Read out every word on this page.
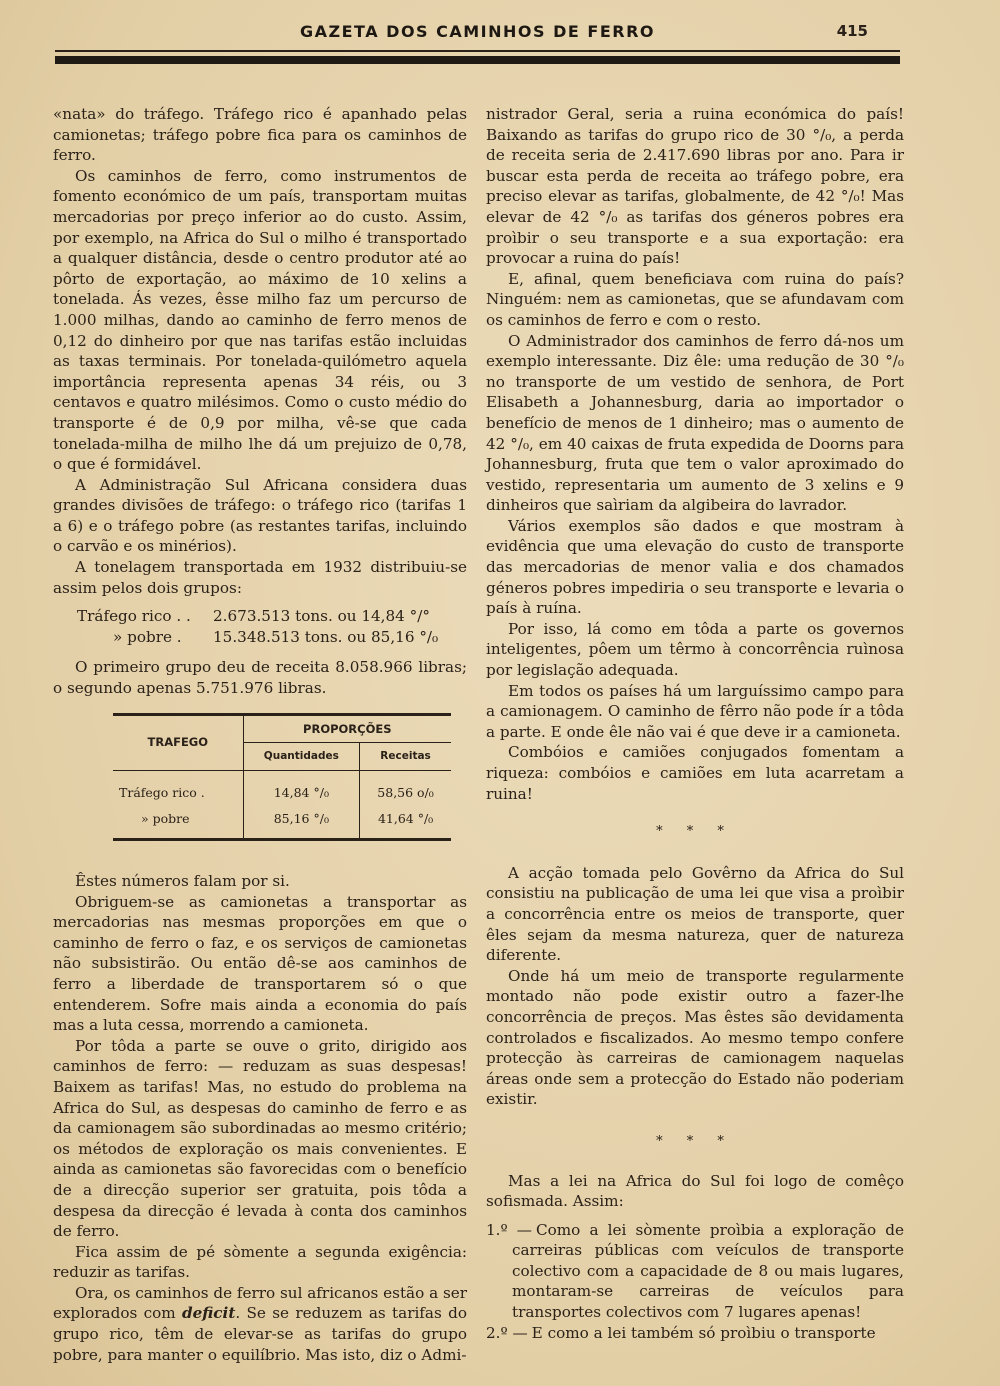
GAZETA DOS CAMINHOS DE FERRO	415

«nata» do tráfego. Tráfego rico é apanhado pelas camionetas; tráfego pobre fica para os caminhos de ferro.

Os caminhos de ferro, como instrumentos de fomento económico de um país, transportam muitas mercadorias por preço inferior ao do custo. Assim, por exemplo, na Africa do Sul o milho é transportado a qualquer distância, desde o centro produtor até ao pôrto de exportação, ao máximo de 10 xelins a tonelada. Ás vezes, êsse milho faz um percurso de 1.000 milhas, dando ao caminho de ferro menos de 0,12 do dinheiro por que nas tarifas estão incluidas as taxas terminais. Por tonelada-quilómetro aquela importância representa apenas 34 réis, ou 3 centavos e quatro milésimos. Como o custo médio do transporte é de 0,9 por milha, vê-se que cada tonelada-milha de milho lhe dá um prejuizo de 0,78, o que é formidável.

A Administração Sul Africana considera duas grandes divisões de tráfego: o tráfego rico (tarifas 1 a 6) e o tráfego pobre (as restantes tarifas, incluindo o carvão e os minérios).

A tonelagem transportada em 1932 distribuiu-se assim pelos dois grupos:

Tráfego rico . .	2.673.513 tons. ou 14,84 °/°
» pobre .	15.348.513 tons. ou 85,16 °/₀

O primeiro grupo deu de receita 8.058.966 libras; o segundo apenas 5.751.976 libras.

TRAFEGO	PROPORÇÕES	
	Quantidades	Receitas
Tráfego rico .	14,84 °/₀	58,56 o/₀
» pobre	85,16 °/₀	41,64 °/₀

Êstes números falam por si.

Obriguem-se as camionetas a transportar as mercadorias nas mesmas proporções em que o caminho de ferro o faz, e os serviços de camionetas não subsistirão. Ou então dê-se aos caminhos de ferro a liberdade de transportarem só o que entenderem. Sofre mais ainda a economia do país mas a luta cessa, morrendo a camioneta.

Por tôda a parte se ouve o grito, dirigido aos caminhos de ferro: — reduzam as suas despesas! Baixem as tarifas! Mas, no estudo do problema na Africa do Sul, as despesas do caminho de ferro e as da camionagem são subordinadas ao mesmo critério; os métodos de exploração os mais convenientes. E ainda as camionetas são favorecidas com o benefício de a direcção superior ser gratuita, pois tôda a despesa da direcção é levada à conta dos caminhos de ferro.

Fica assim de pé sòmente a segunda exigência: reduzir as tarifas.

Ora, os caminhos de ferro sul africanos estão a ser explorados com deficit. Se se reduzem as tarifas do grupo rico, têm de elevar-se as tarifas do grupo pobre, para manter o equilíbrio. Mas isto, diz o Admi-

nistrador Geral, seria a ruina económica do país! Baixando as tarifas do grupo rico de 30 °/₀, a perda de receita seria de 2.417.690 libras por ano. Para ir buscar esta perda de receita ao tráfego pobre, era preciso elevar as tarifas, globalmente, de 42 °/₀! Mas elevar de 42 °/₀ as tarifas dos géneros pobres era proìbir o seu transporte e a sua exportação: era provocar a ruina do país!

E, afinal, quem beneficiava com ruina do país? Ninguém: nem as camionetas, que se afundavam com os caminhos de ferro e com o resto.

O Administrador dos caminhos de ferro dá-nos um exemplo interessante. Diz êle: uma redução de 30 °/₀ no transporte de um vestido de senhora, de Port Elisabeth a Johannesburg, daria ao importador o benefício de menos de 1 dinheiro; mas o aumento de 42 °/₀, em 40 caixas de fruta expedida de Doorns para Johannesburg, fruta que tem o valor aproximado do vestido, representaria um aumento de 3 xelins e 9 dinheiros que saìriam da algibeira do lavrador.

Vários exemplos são dados e que mostram à evidência que uma elevação do custo de transporte das mercadorias de menor valia e dos chamados géneros pobres impediria o seu transporte e levaria o país à ruína.

Por isso, lá como em tôda a parte os governos inteligentes, pôem um têrmo à concorrência ruìnosa por legislação adequada.

Em todos os países há um larguíssimo campo para a camionagem. O caminho de fêrro não pode ír a tôda a parte. E onde êle não vai é que deve ir a camioneta.

Combóios e camiões conjugados fomentam a riqueza: combóios e camiões em luta acarretam a ruina!

* * *

A acção tomada pelo Govêrno da Africa do Sul consistiu na publicação de uma lei que visa a proìbir a concorrência entre os meios de transporte, quer êles sejam da mesma natureza, quer de natureza diferente.

Onde há um meio de transporte regularmente montado não pode existir outro a fazer-lhe concorrência de preços. Mas êstes são devidamenta controlados e fiscalizados. Ao mesmo tempo confere protecção às carreiras de camionagem naquelas áreas onde sem a protecção do Estado não poderiam existir.

* * *

Mas a lei na Africa do Sul foi logo de comêço sofismada. Assim:

1.º — Como a lei sòmente proìbia a exploração de carreiras públicas com veículos de transporte colectivo com a capacidade de 8 ou mais lugares, montaram-se carreiras de veículos para transportes colectivos com 7 lugares apenas!
2.º — E como a lei também só proìbiu o transporte
